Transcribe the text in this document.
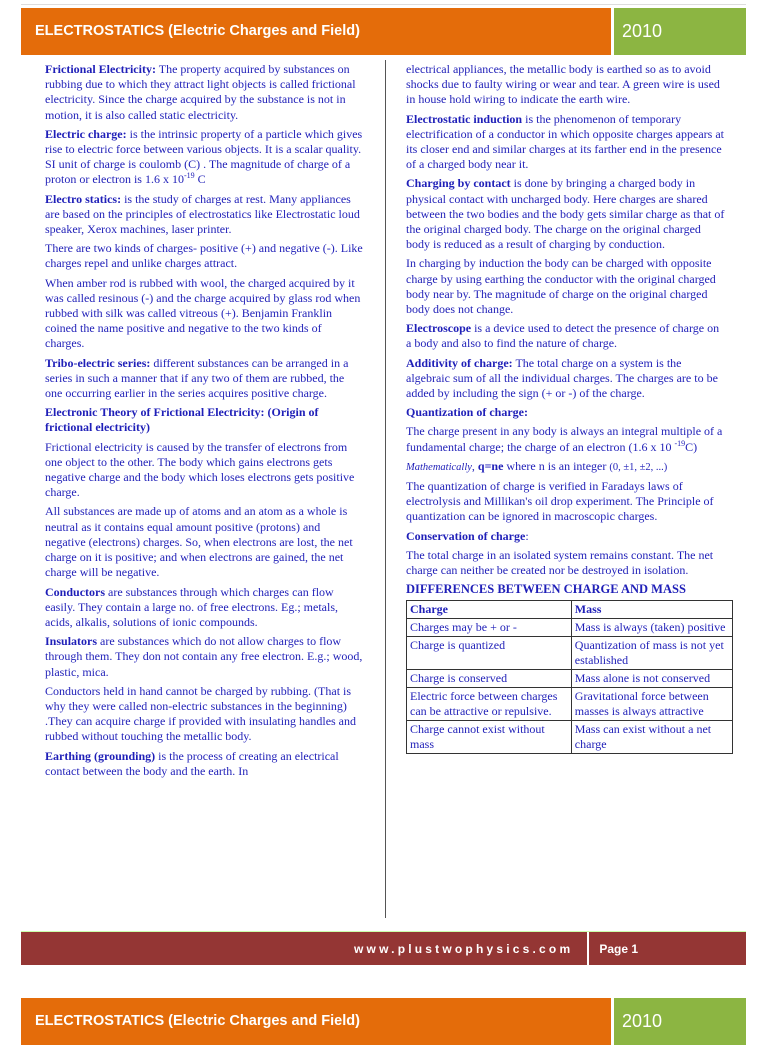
ELECTROSTATICS (Electric Charges and Field)	2010

Frictional Electricity: The property acquired by substances on rubbing due to which they attract light objects is called frictional electricity. Since the charge acquired by the substance is not in motion, it is also called static electricity.

Electric charge: is the intrinsic property of a particle which gives rise to electric force between various objects. It is a scalar quality. SI unit of charge is coulomb (C) . The magnitude of charge of a proton or electron is 1.6 x $10^{-19}$ C

Electro statics: is the study of charges at rest. Many appliances are based on the principles of electrostatics like Electrostatic loud speaker, Xerox machines, laser printer.

There are two kinds of charges- positive (+) and negative (-). Like charges repel and unlike charges attract.

When amber rod is rubbed with wool, the charged acquired by it was called resinous (-) and the charge acquired by glass rod when rubbed with silk was called vitreous (+). Benjamin Franklin coined the name positive and negative to the two kinds of charges.

Tribo-electric series: different substances can be arranged in a series in such a manner that if any two of them are rubbed, the one occurring earlier in the series acquires positive charge.

Electronic Theory of Frictional Electricity: (Origin of frictional electricity)

Frictional electricity is caused by the transfer of electrons from one object to the other. The body which gains electrons gets negative charge and the body which loses electrons gets positive charge.

All substances are made up of atoms and an atom as a whole is neutral as it contains equal amount positive (protons) and negative (electrons) charges. So, when electrons are lost, the net charge on it is positive; and when electrons are gained, the net charge will be negative.

Conductors are substances through which charges can flow easily. They contain a large no. of free electrons. Eg.; metals, acids, alkalis, solutions of ionic compounds.

Insulators are substances which do not allow charges to flow through them. They don not contain any free electron. E.g.; wood, plastic, mica.

Conductors held in hand cannot be charged by rubbing. (That is why they were called non-electric substances in the beginning) .They can acquire charge if provided with insulating handles and rubbed without touching the metallic body.

Earthing (grounding) is the process of creating an electrical contact between the body and the earth. In

electrical appliances, the metallic body is earthed so as to avoid shocks due to faulty wiring or wear and tear. A green wire is used in house hold wiring to indicate the earth wire.

Electrostatic induction is the phenomenon of temporary electrification of a conductor in which opposite charges appears at its closer end and similar charges at its farther end in the presence of a charged body near it.

Charging by contact is done by bringing a charged body in physical contact with uncharged body. Here charges are shared between the two bodies and the body gets similar charge as that of the original charged body. The charge on the original charged body is reduced as a result of charging by conduction.

In charging by induction the body can be charged with opposite charge by using earthing the conductor with the original charged body near by. The magnitude of charge on the original charged body does not change.

Electroscope is a device used to detect the presence of charge on a body and also to find the nature of charge.

Additivity of charge: The total charge on a system is the algebraic sum of all the individual charges. The charges are to be added by including the sign (+ or -) of the charge.

Quantization of charge:

The charge present in any body is always an integral multiple of a fundamental charge; the charge of an electron (1.6 x 10 $^{-19}$C)

Mathematically, q=ne where n is an integer (0, ±1, ±2, ...)

The quantization of charge is verified in Faradays laws of electrolysis and Millikan's oil drop experiment. The Principle of quantization can be ignored in macroscopic charges.

Conservation of charge:

The total charge in an isolated system remains constant. The net charge can neither be created nor be destroyed in isolation.

DIFFERENCES BETWEEN CHARGE AND MASS
Charge	Mass
Charges may be + or -	Mass is always (taken) positive
Charge is quantized	Quantization of mass is not yet established
Charge is conserved	Mass alone is not conserved
Electric force between charges can be attractive or repulsive.	Gravitational force between masses is always attractive
Charge cannot exist without mass	Mass can exist without a net charge
www.plustwophysics.com Page 1
ELECTROSTATICS (Electric Charges and Field)	2010
